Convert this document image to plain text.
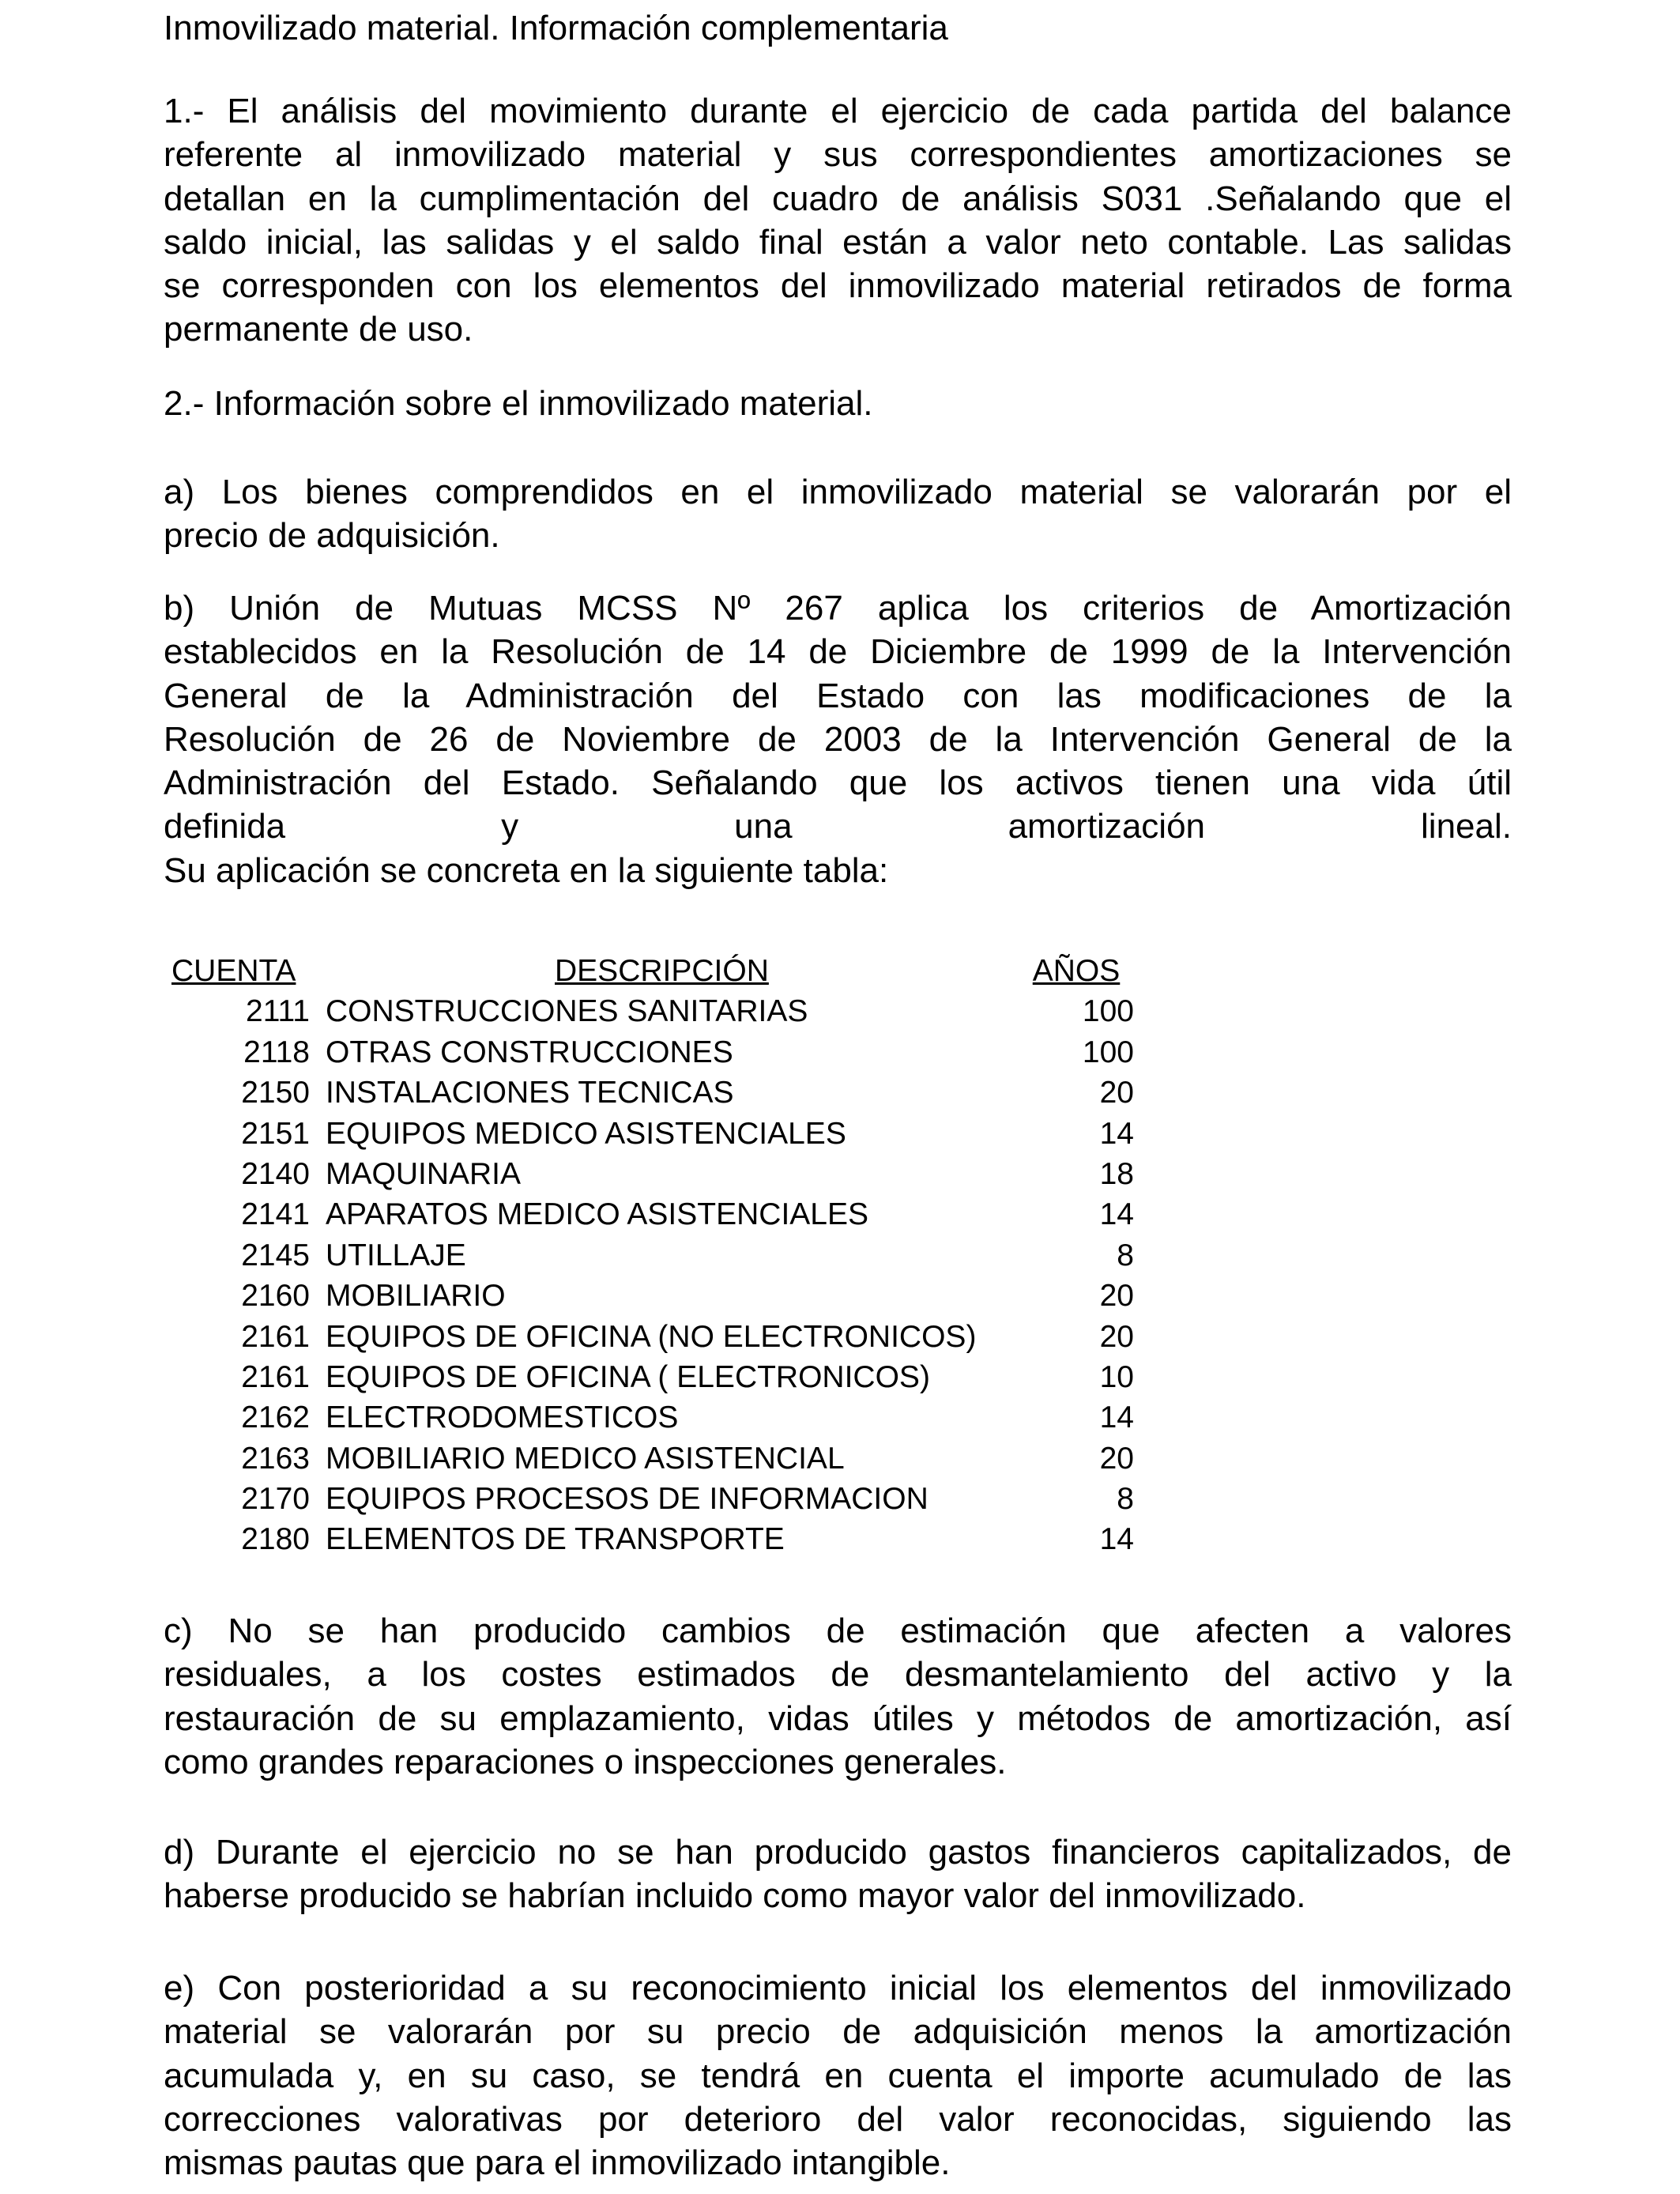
Inmovilizado material. Información complementaria
1.- El análisis del movimiento durante el ejercicio de cada partida del balance
referente al inmovilizado material y sus correspondientes amortizaciones se
detallan en la cumplimentación del cuadro de análisis S031 .Señalando que el
saldo inicial, las salidas y el saldo final están a valor neto contable. Las salidas
se corresponden con los elementos del inmovilizado material retirados de forma
permanente de uso.
2.- Información sobre el inmovilizado material.
a) Los bienes comprendidos en el inmovilizado material se valorarán por el
precio de adquisición.
b) Unión de Mutuas MCSS Nº 267 aplica los criterios de Amortización
establecidos en la Resolución de 14 de Diciembre de 1999 de la Intervención
General de la Administración del Estado con las modificaciones de la
Resolución de 26 de Noviembre de 2003 de la Intervención General de la
Administración del Estado. Señalando que los activos tienen una vida útil
definida y una amortización lineal.
Su aplicación se concreta en la siguiente tabla:
CUENTA	DESCRIPCIÓN	AÑOS
2111 CONSTRUCCIONES SANITARIAS	100
2118 OTRAS CONSTRUCCIONES	100
2150 INSTALACIONES TECNICAS	20
2151 EQUIPOS MEDICO ASISTENCIALES	14
2140 MAQUINARIA	18
2141 APARATOS MEDICO ASISTENCIALES	14
2145 UTILLAJE	8
2160 MOBILIARIO	20
2161 EQUIPOS DE OFICINA (NO ELECTRONICOS)	20
2161 EQUIPOS DE OFICINA ( ELECTRONICOS)	10
2162 ELECTRODOMESTICOS	14
2163 MOBILIARIO MEDICO ASISTENCIAL	20
2170 EQUIPOS PROCESOS DE INFORMACION	8
2180 ELEMENTOS DE TRANSPORTE	14
c) No se han producido cambios de estimación que afecten a valores
residuales, a los costes estimados de desmantelamiento del activo y la
restauración de su emplazamiento, vidas útiles y métodos de amortización, así
como grandes reparaciones o inspecciones generales.
d) Durante el ejercicio no se han producido gastos financieros capitalizados, de
haberse producido se habrían incluido como mayor valor del inmovilizado.
e) Con posterioridad a su reconocimiento inicial los elementos del inmovilizado
material se valorarán por su precio de adquisición menos la amortización
acumulada y, en su caso, se tendrá en cuenta el importe acumulado de las
correcciones valorativas por deterioro del valor reconocidas, siguiendo las
mismas pautas que para el inmovilizado intangible.
